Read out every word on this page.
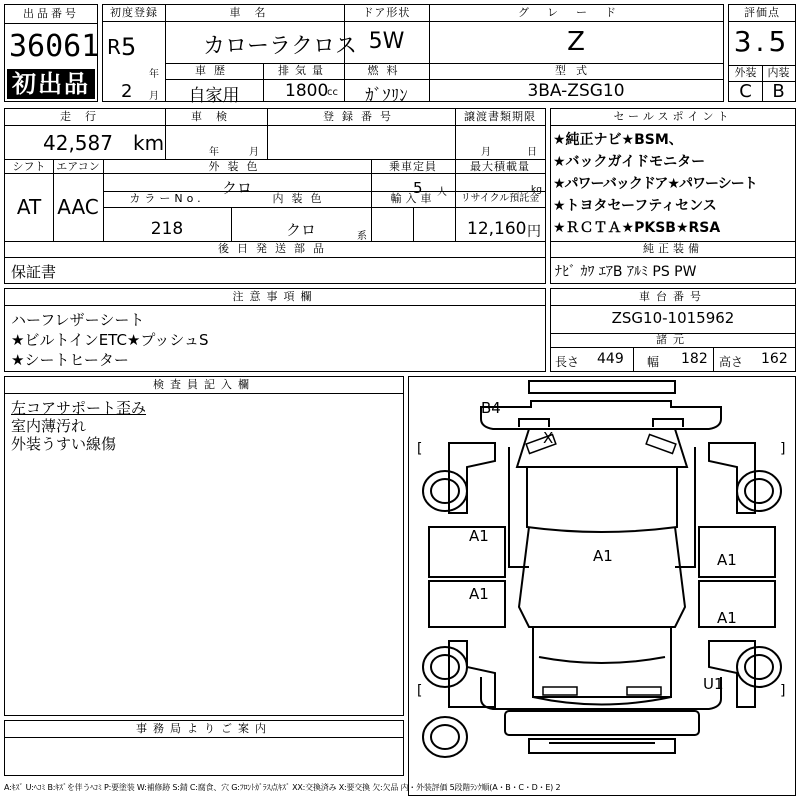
出品番号
36061
初出品
初度登録
R 5
年
2 月
車名
カローラクロス
ドア形状
5W
グレード
Z
車歴
自家用
排気量
1800
cc
燃料
ｶﾞｿﾘﾝ
型式
3BA-ZSG10
評価点
3.5
外装	内装
C	B
走行
42,587 km
車検
年	月
登録番号	譲渡書類期限
月	日
シフト
AT
エアコン
AAC
外装色
クロ
乗車定員
5 人
最大積載量
kg
カラーNo.
218
内装色
クロ	系
輸入車	リサイクル預託金
12,160 円
後日発送部品
保証書
セールスポイント
★純正ナビ★BSM、
★バックガイドモニター
★パワーバックドア★パワーシート
★トヨタセーフティセンス
★ＲＣＴＡ★PKSB★RSA
純正装備
ﾅﾋﾞ ｶﾜ ｴｱB ｱﾙﾐ PS PW
注意事項欄
ハーフレザーシート
★ビルトインETC★プッシュS
★シートヒーター
車台番号
ZSG10-1015962
諸元
長さ 449 幅 182 高さ 162
検査員記入欄
左コアサポート歪み
室内薄汚れ
外装うすい線傷	[	]
[	]
B4
X
A1
A1	A1
A1
A1
U1
事務局よりご案内
A:ｷｽﾞ U:ﾍｺﾐ B:ｷｽﾞを伴うﾍｺﾐ P:要塗装 W:補修跡 S:錆 C:腐食、穴 G:ﾌﾛﾝﾄｶﾞﾗｽ点ｷｽﾞ XX:交換済み X:要交換 欠:欠品 内・外装評価 5段階ﾗﾝｸ順(A・B・C・D・E) 2
